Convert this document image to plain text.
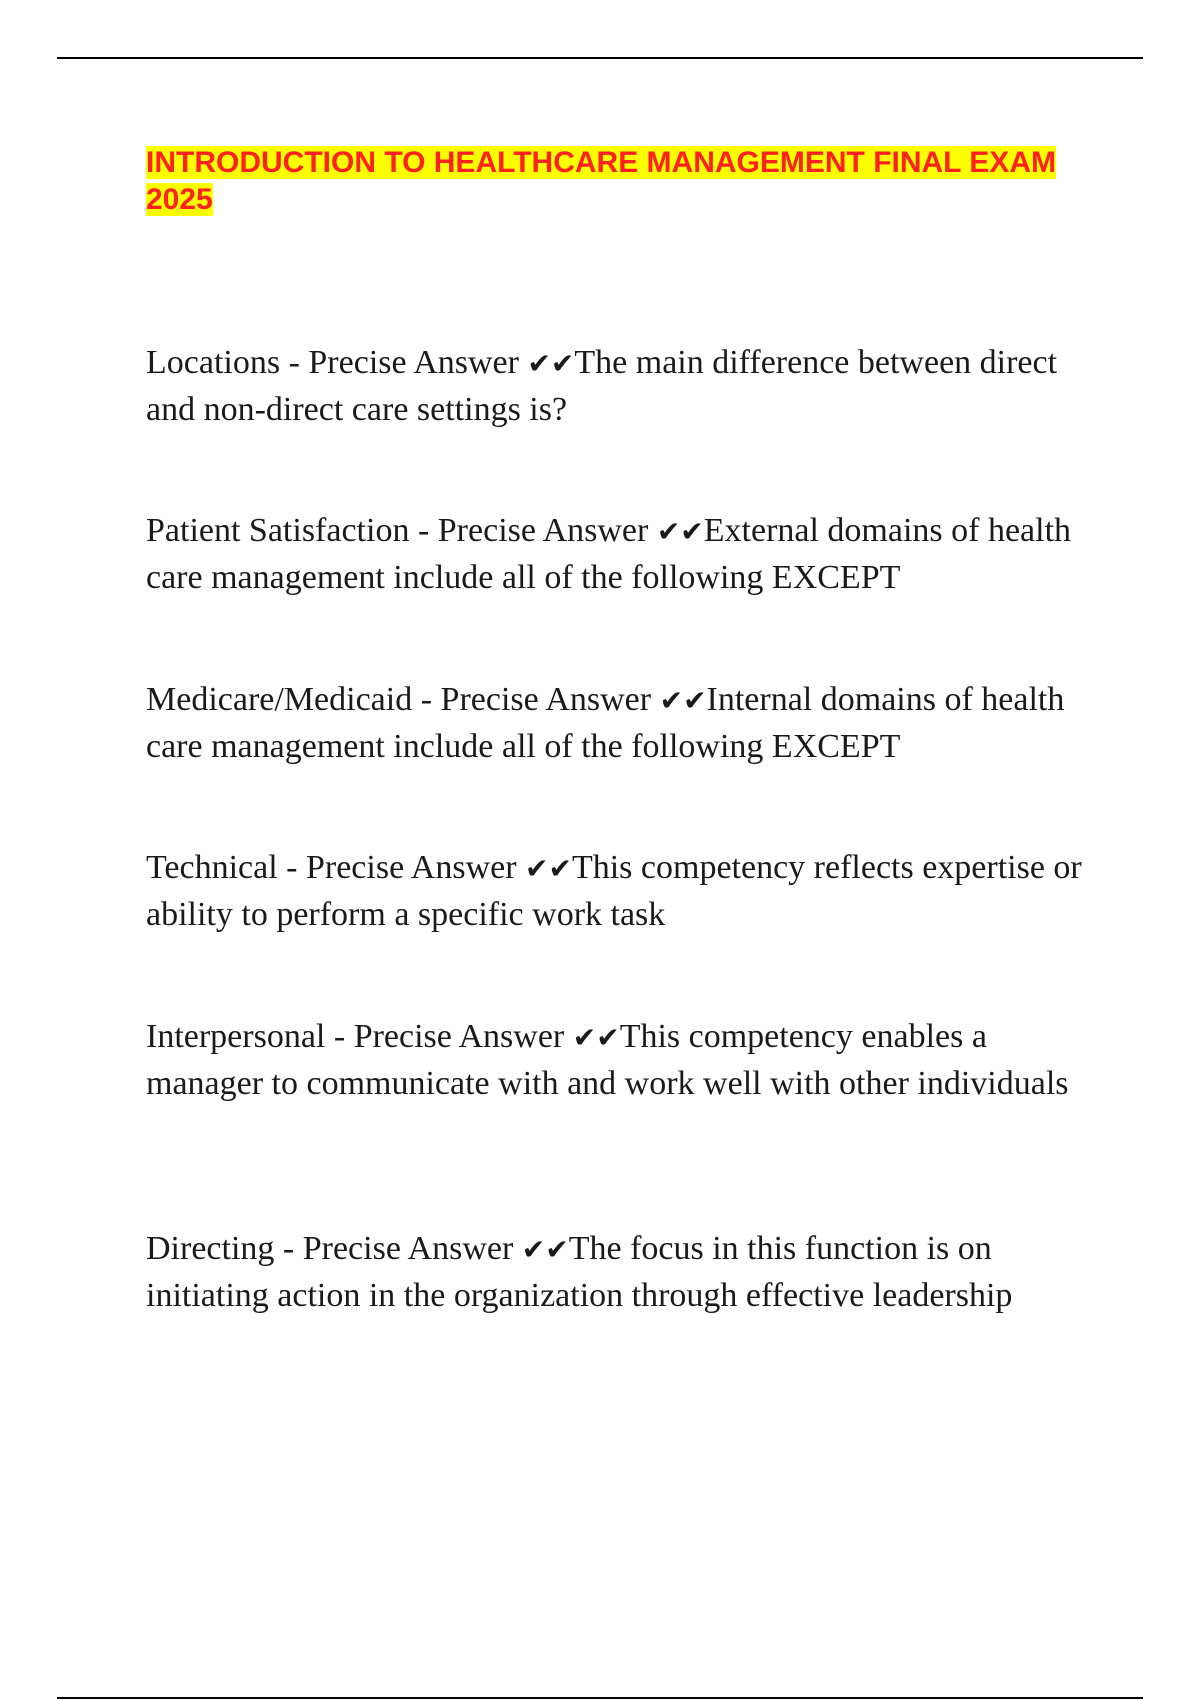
INTRODUCTION TO HEALTHCARE MANAGEMENT FINAL EXAM 2025

Locations - Precise Answer ✔✔The main difference between direct and non-direct care settings is?

Patient Satisfaction - Precise Answer ✔✔External domains of health care management include all of the following EXCEPT

Medicare/Medicaid - Precise Answer ✔✔Internal domains of health care management include all of the following EXCEPT

Technical - Precise Answer ✔✔This competency reflects expertise or ability to perform a specific work task

Interpersonal - Precise Answer ✔✔This competency enables a manager to communicate with and work well with other individuals

Directing - Precise Answer ✔✔The focus in this function is on initiating action in the organization through effective leadership
